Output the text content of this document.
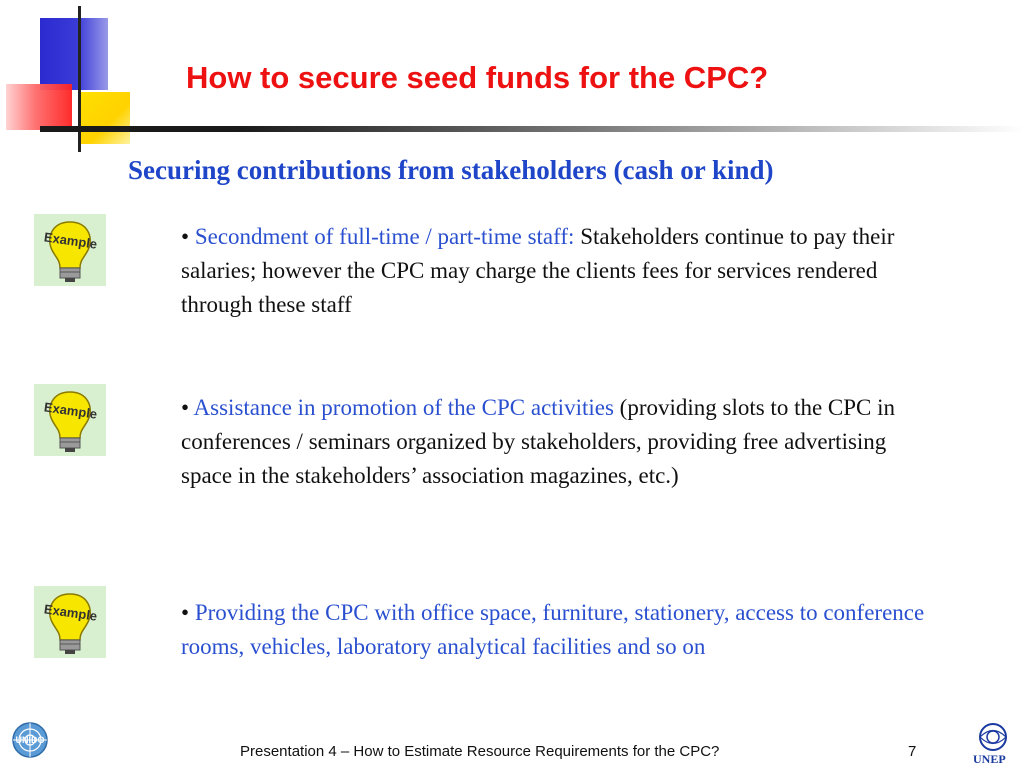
How to secure seed funds for the CPC?
Securing contributions from stakeholders (cash or kind)
Example
Example
Example
• Secondment of full-time / part-time staff: Stakeholders continue to pay their salaries; however the CPC may charge the clients fees for services rendered through these staff
• Assistance in promotion of the CPC activities (providing slots to the CPC in conferences / seminars organized by stakeholders, providing free advertising space in the stakeholders’ association magazines, etc.)
• Providing the CPC with office space, furniture, stationery, access to conference rooms, vehicles, laboratory analytical facilities and so on
UNIDO
Presentation 4 – How to Estimate Resource Requirements for the CPC?	7	UNEP
